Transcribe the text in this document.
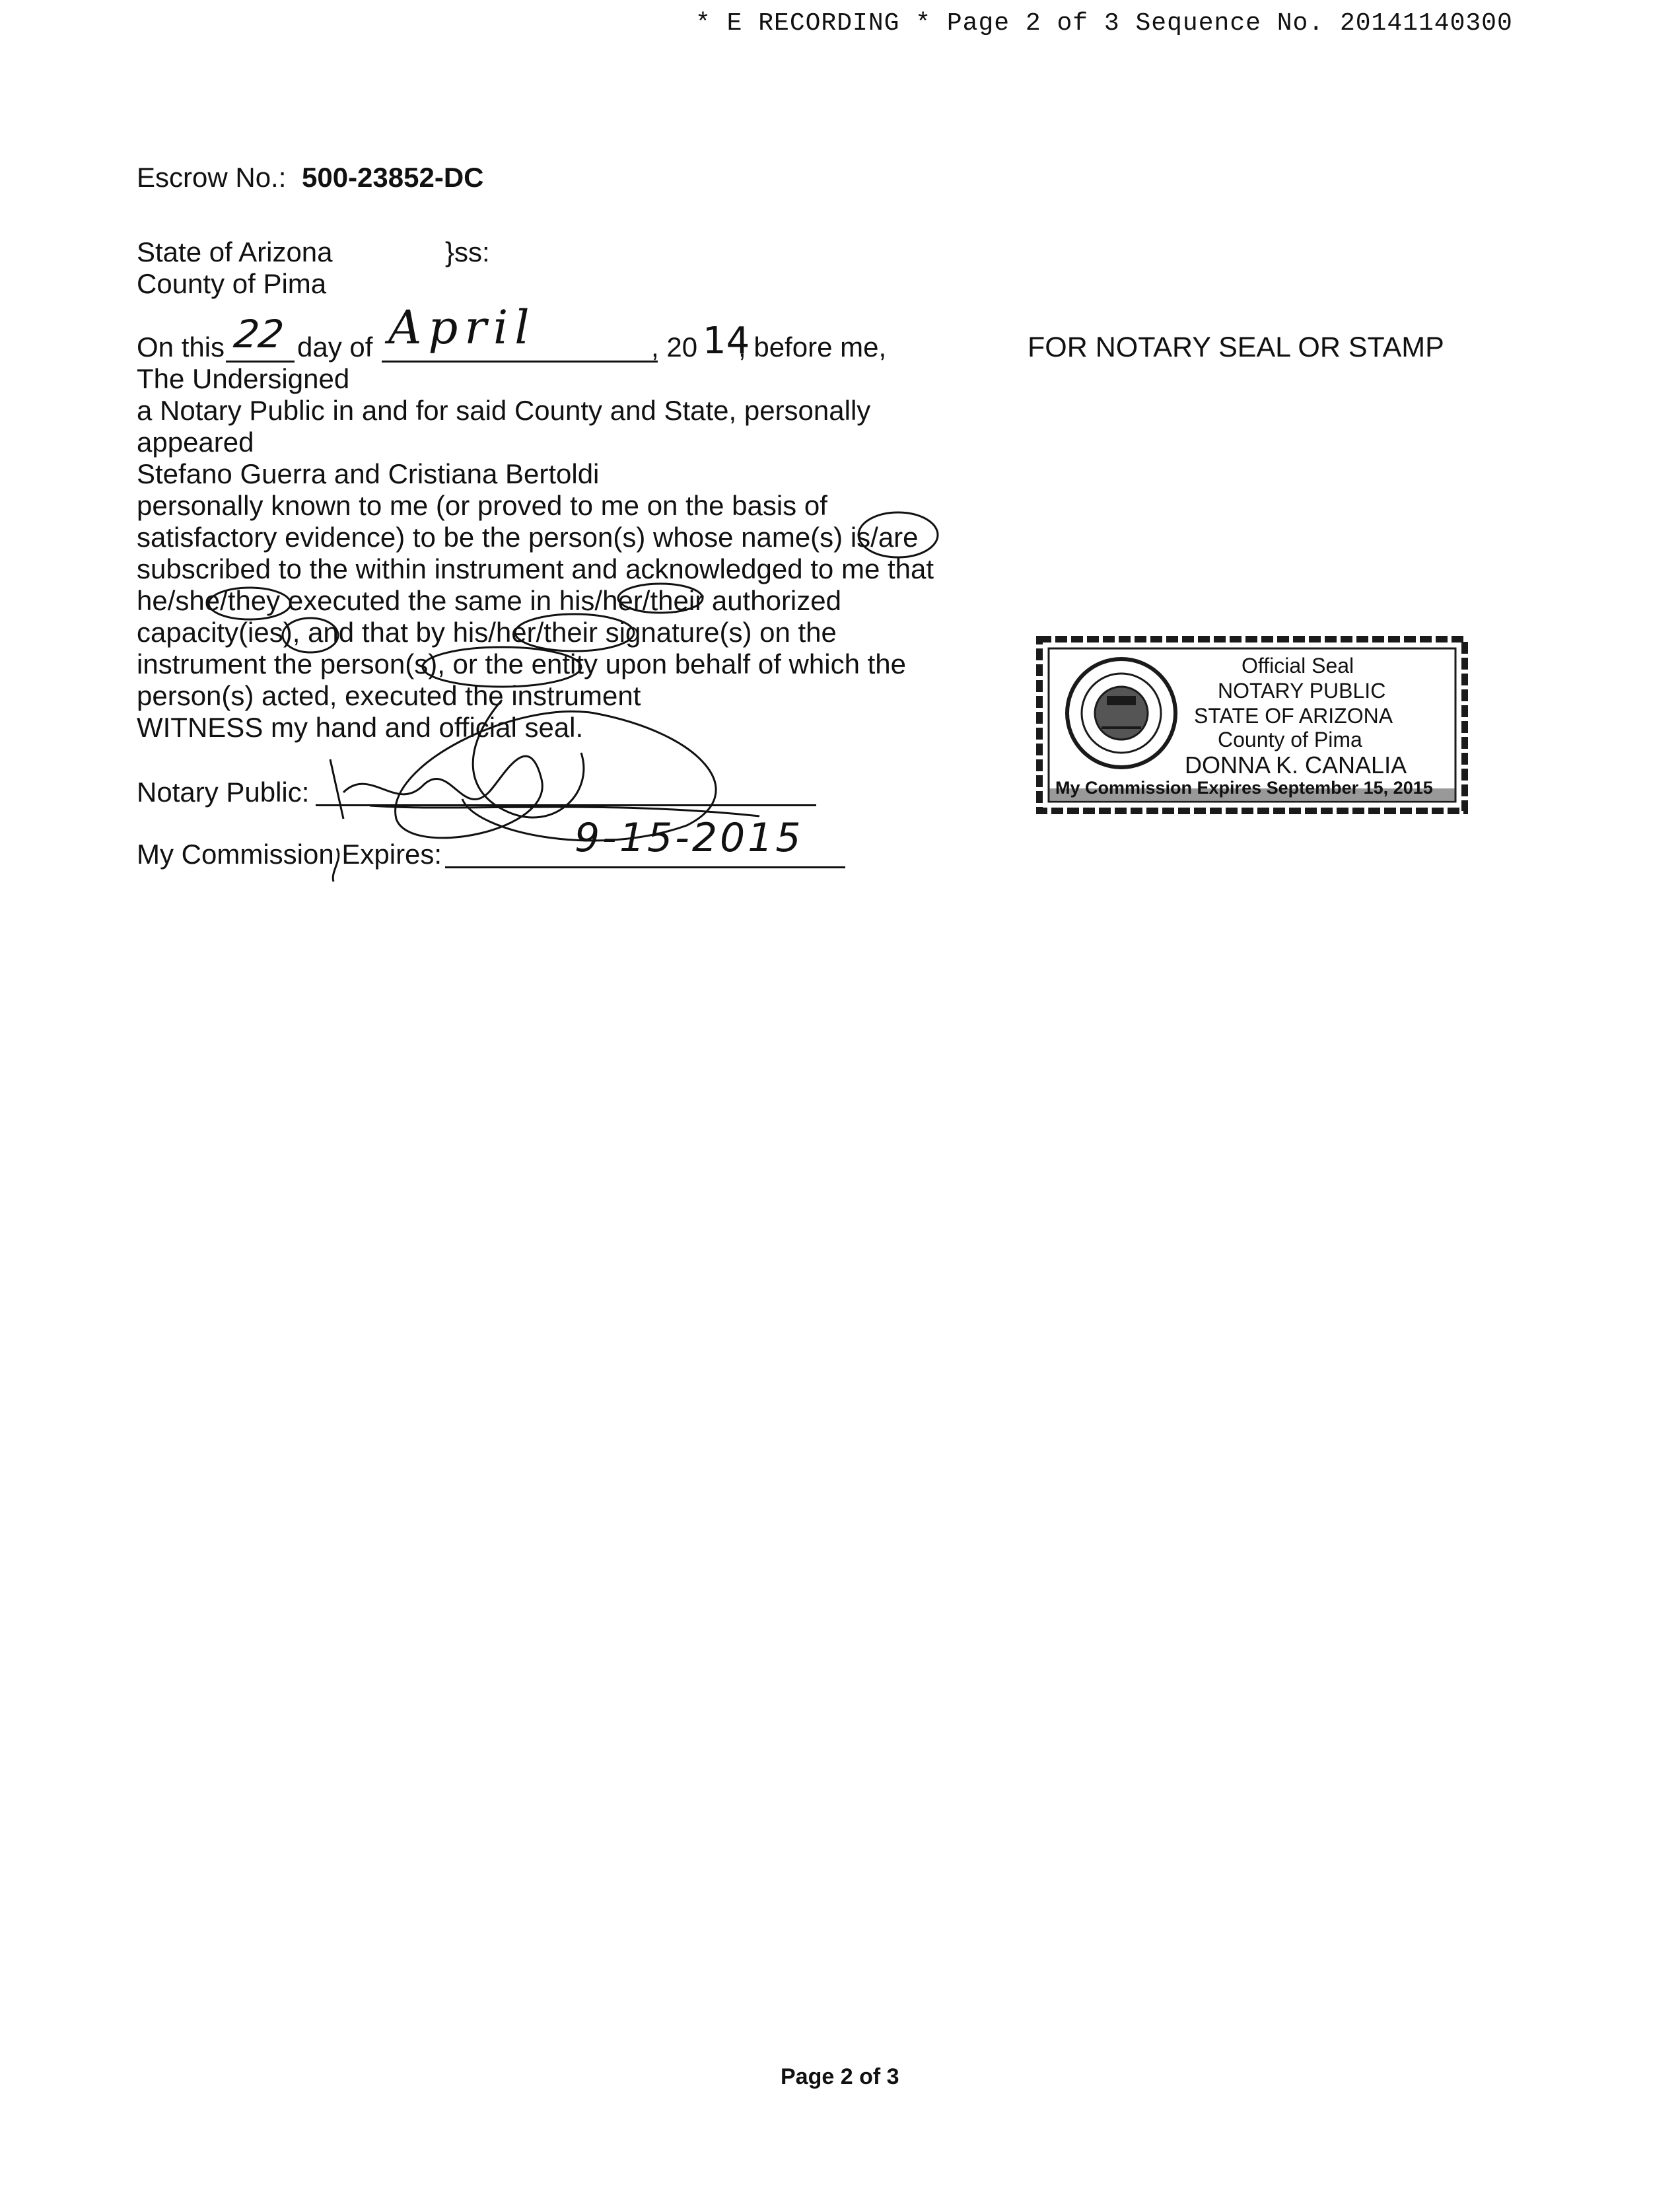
* E RECORDING * Page 2 of 3 Sequence No. 20141140300
Escrow No.: 500-23852-DC
State of Arizona	}ss:
County of Pima
On this 22 day of April	, 20 14
, before me,
The Undersigned
a Notary Public in and for said County and State, personally
appeared
Stefano Guerra and Cristiana Bertoldi
personally known to me (or proved to me on the basis of
satisfactory evidence) to be the person(s) whose name(s) is/are
subscribed to the within instrument and acknowledged to me that
he/she/they executed the same in his/her/their authorized
capacity(ies), and that by his/her/their signature(s) on the
instrument the person(s), or the entity upon behalf of which the
person(s) acted, executed the instrument
WITNESS my hand and official seal.
Notary Public:
My Commission Expires:	9-15-2015
FOR NOTARY SEAL OR STAMP
Official Seal
NOTARY PUBLIC
STATE OF ARIZONA
County of Pima
DONNA K. CANALIA
My Commission Expires September 15, 2015
Page 2 of 3
